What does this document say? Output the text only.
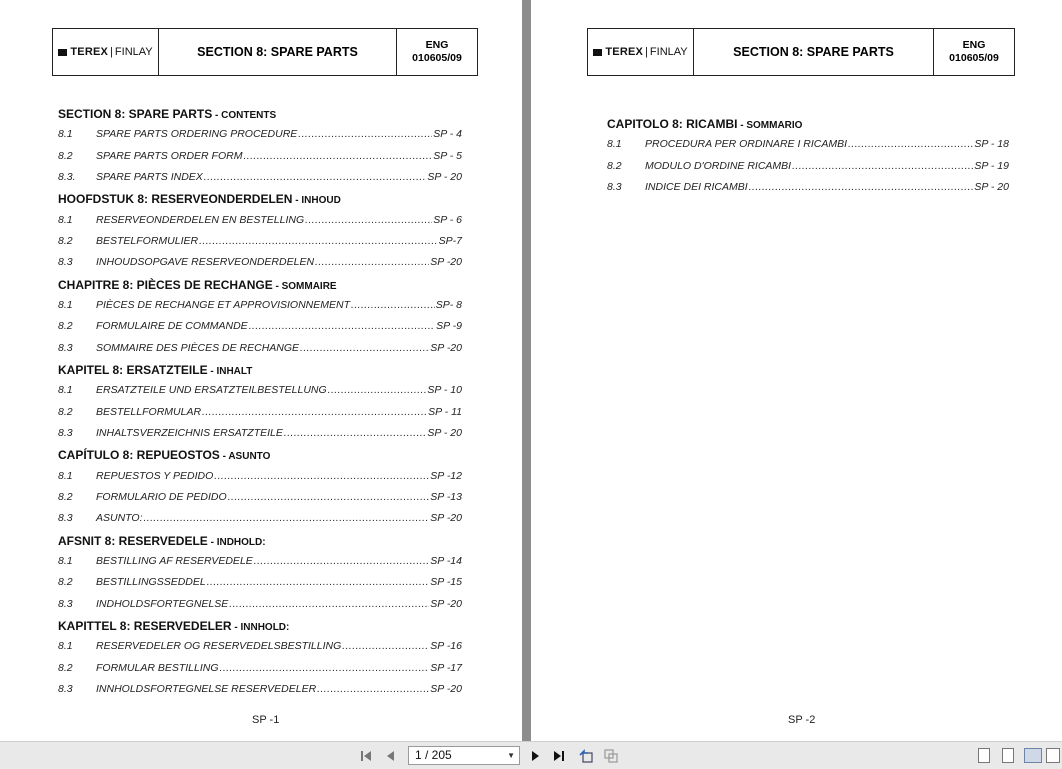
TEREX | FINLAY	SECTION 8: SPARE PARTS	ENG
010605/09
SECTION 8: SPARE PARTS - CONTENTS
8.1	SPARE PARTS ORDERING PROCEDURE .....	SP - 4
8.2	SPARE PARTS ORDER FORM .....	SP - 5
8.3.	SPARE PARTS INDEX .....	SP - 20
HOOFDSTUK 8: RESERVEONDERDELEN - INHOUD
8.1	RESERVEONDERDELEN EN BESTELLING .....	SP - 6
8.2	BESTELFORMULIER .....	SP-7
8.3	INHOUDSOPGAVE RESERVEONDERDELEN .....	SP -20
CHAPITRE 8: PIÈCES DE RECHANGE - SOMMAIRE
8.1	PIÈCES DE RECHANGE ET APPROVISIONNEMENT .....	SP- 8
8.2	FORMULAIRE DE COMMANDE .....	SP -9
8.3	SOMMAIRE DES PIÈCES DE RECHANGE .....	SP -20
KAPITEL 8: ERSATZTEILE - INHALT
8.1	ERSATZTEILE UND ERSATZTEILBESTELLUNG .....	SP - 10
8.2	BESTELLFORMULAR .....	SP - 11
8.3	INHALTSVERZEICHNIS ERSATZTEILE .....	SP - 20
CAPÍTULO 8: REPUEOSTOS - ASUNTO
8.1	REPUESTOS Y PEDIDO .....	SP -12
8.2	FORMULARIO DE PEDIDO .....	SP -13
8.3	ASUNTO: .....	SP -20
AFSNIT 8: RESERVEDELE - INDHOLD:
8.1	BESTILLING AF RESERVEDELE .....	SP -14
8.2	BESTILLINGSSEDDEL .....	SP -15
8.3	INDHOLDSFORTEGNELSE .....	SP -20
KAPITTEL 8: RESERVEDELER - INNHOLD:
8.1	RESERVEDELER OG RESERVEDELSBESTILLING .....	SP -16
8.2	FORMULAR BESTILLING .....	SP -17
8.3	INNHOLDSFORTEGNELSE RESERVEDELER .....	SP -20
SP -1
TEREX | FINLAY	SECTION 8: SPARE PARTS	ENG
010605/09
CAPITOLO 8: RICAMBI - SOMMARIO
8.1	PROCEDURA PER ORDINARE I RICAMBI .....	SP - 18
8.2	MODULO D'ORDINE RICAMBI .....	SP - 19
8.3	INDICE DEI RICAMBI .....	SP - 20
SP -2
1 / 205	▼
